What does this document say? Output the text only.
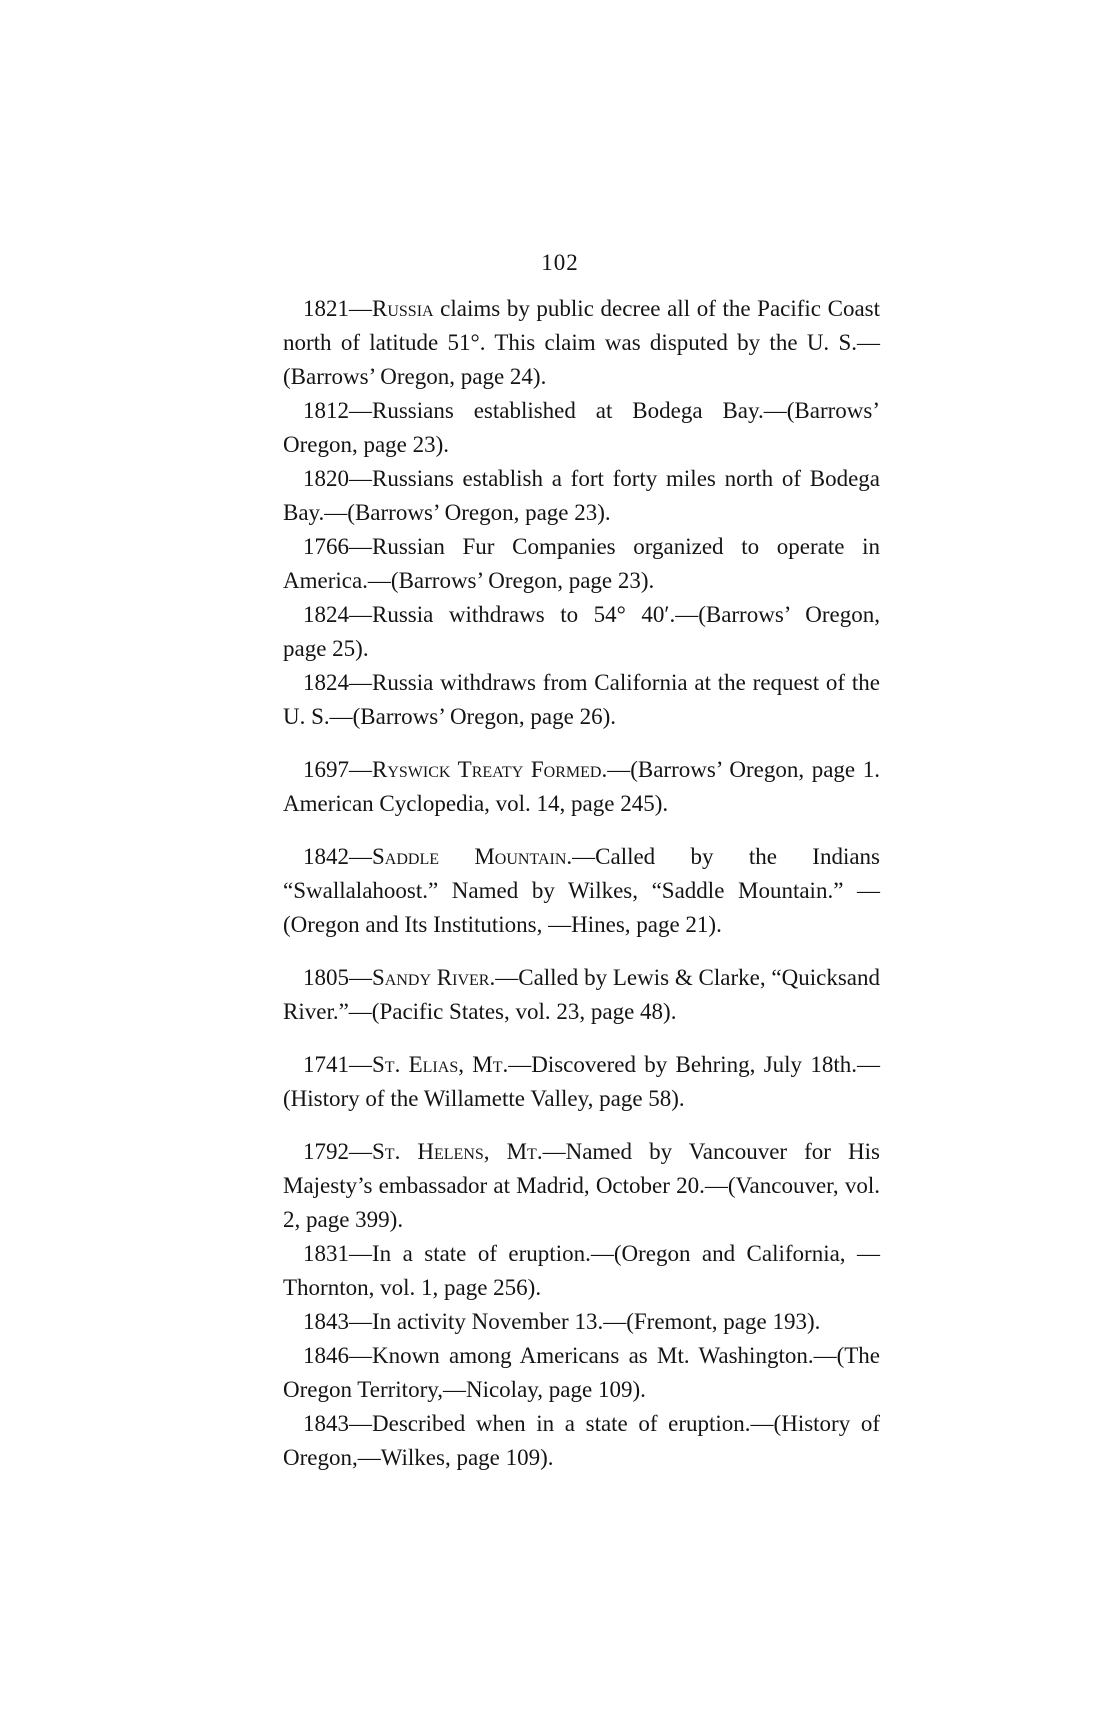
102

1821—Russia claims by public decree all of the Pacific Coast north of latitude 51°. This claim was disputed by the U. S.—(Barrows’ Oregon, page 24).

1812—Russians established at Bodega Bay.—(Barrows’ Oregon, page 23).

1820—Russians establish a fort forty miles north of Bodega Bay.—(Barrows’ Oregon, page 23).

1766—Russian Fur Companies organized to operate in America.—(Barrows’ Oregon, page 23).

1824—Russia withdraws to 54° 40′.—(Barrows’ Oregon, page 25).

1824—Russia withdraws from California at the request of the U. S.—(Barrows’ Oregon, page 26).

1697—Ryswick Treaty Formed.—(Barrows’ Oregon, page 1. American Cyclopedia, vol. 14, page 245).

1842—Saddle Mountain.—Called by the Indians “Swallalahoost.” Named by Wilkes, “Saddle Mountain.” —(Oregon and Its Institutions, —Hines, page 21).

1805—Sandy River.—Called by Lewis & Clarke, “Quicksand River.”—(Pacific States, vol. 23, page 48).

1741—St. Elias, Mt.—Discovered by Behring, July 18th.—(History of the Willamette Valley, page 58).

1792—St. Helens, Mt.—Named by Vancouver for His Majesty’s embassador at Madrid, October 20.—(Vancouver, vol. 2, page 399).

1831—In a state of eruption.—(Oregon and California, —Thornton, vol. 1, page 256).

1843—In activity November 13.—(Fremont, page 193).

1846—Known among Americans as Mt. Washington.—(The Oregon Territory,—Nicolay, page 109).

1843—Described when in a state of eruption.—(History of Oregon,—Wilkes, page 109).
